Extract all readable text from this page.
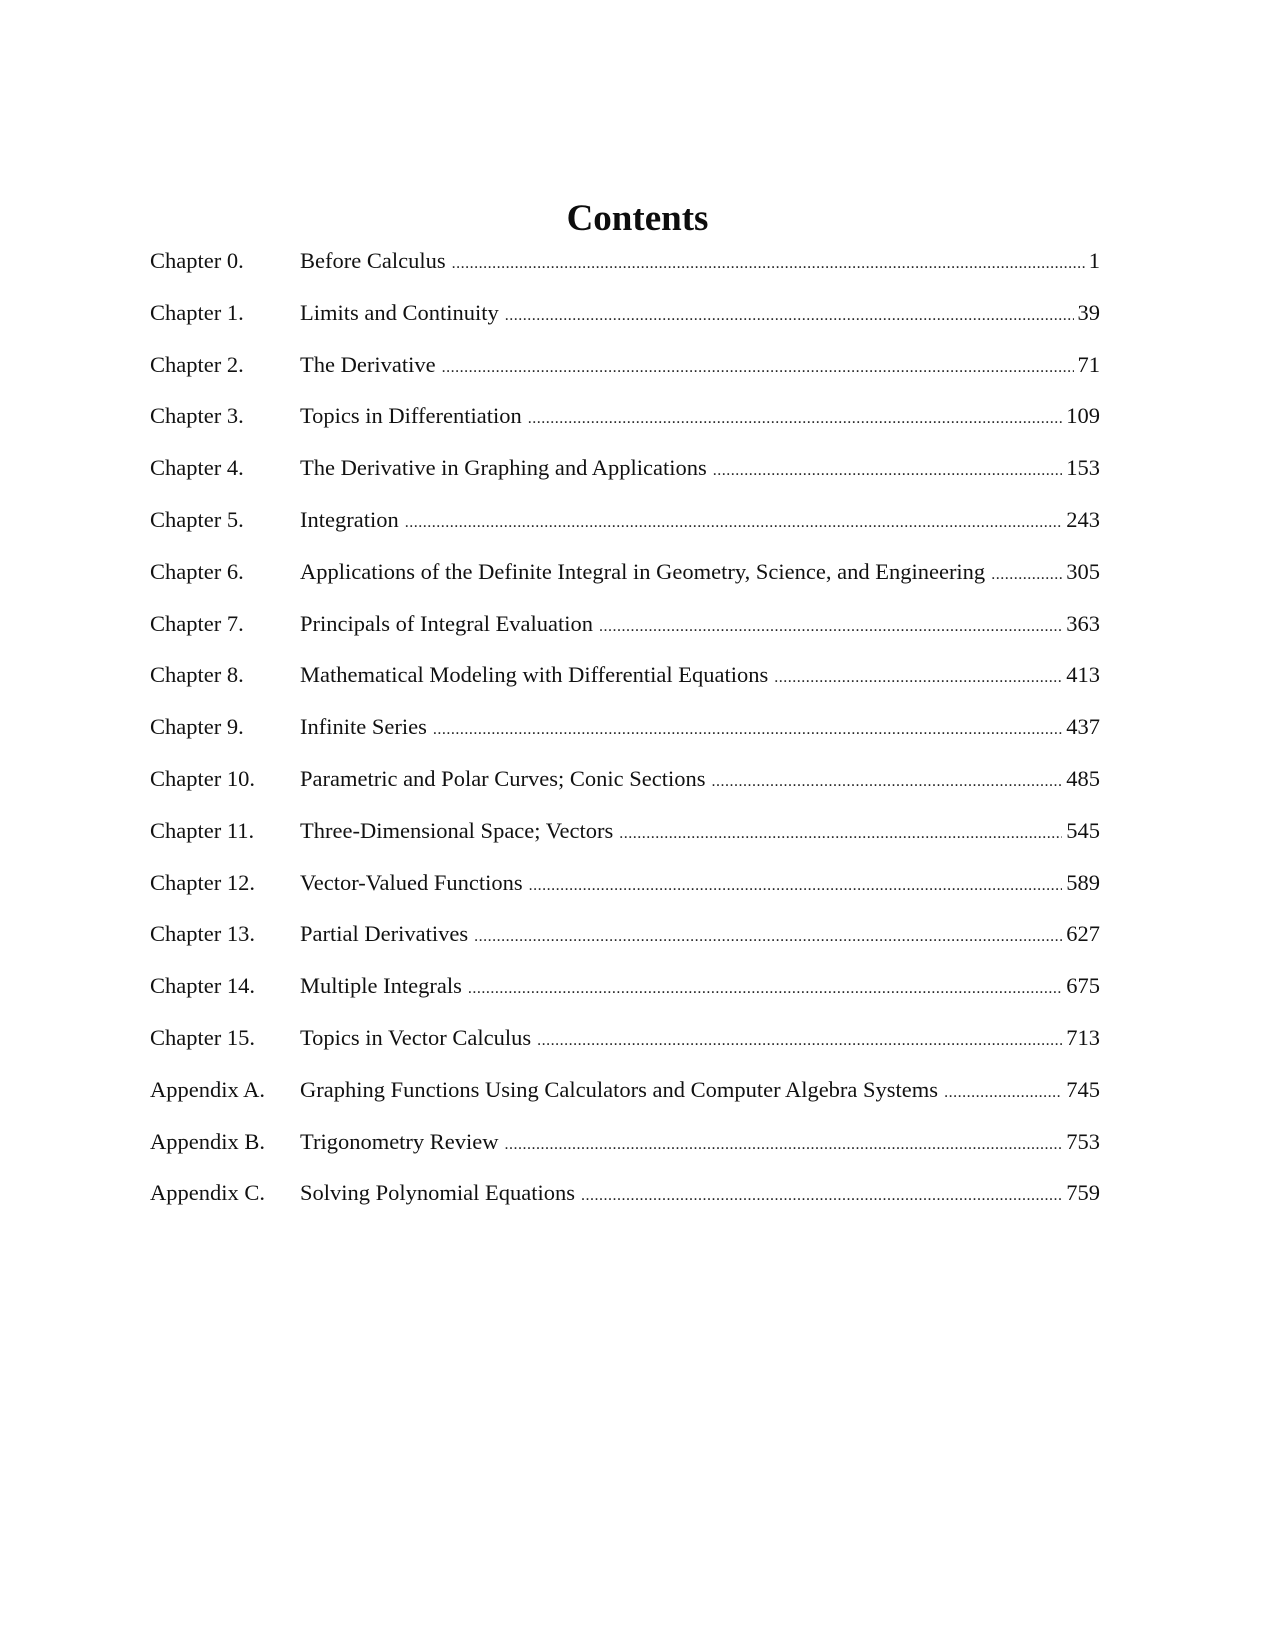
Contents
Chapter 0.	Before Calculus .....	1
Chapter 1.	Limits and Continuity .....	39
Chapter 2.	The Derivative .....	71
Chapter 3.	Topics in Differentiation .....	109
Chapter 4.	The Derivative in Graphing and Applications .....	153
Chapter 5.	Integration .....	243
Chapter 6.	Applications of the Definite Integral in Geometry, Science, and Engineering .....	305
Chapter 7.	Principals of Integral Evaluation .....	363
Chapter 8.	Mathematical Modeling with Differential Equations .....	413
Chapter 9.	Infinite Series .....	437
Chapter 10. Parametric and Polar Curves; Conic Sections .....	485
Chapter 11. Three-Dimensional Space; Vectors .....	545
Chapter 12. Vector-Valued Functions .....	589
Chapter 13. Partial Derivatives .....	627
Chapter 14. Multiple Integrals .....	675
Chapter 15. Topics in Vector Calculus .....	713
Appendix A. Graphing Functions Using Calculators and Computer Algebra Systems .....	745
Appendix B. Trigonometry Review .....	753
Appendix C. Solving Polynomial Equations .....	759
